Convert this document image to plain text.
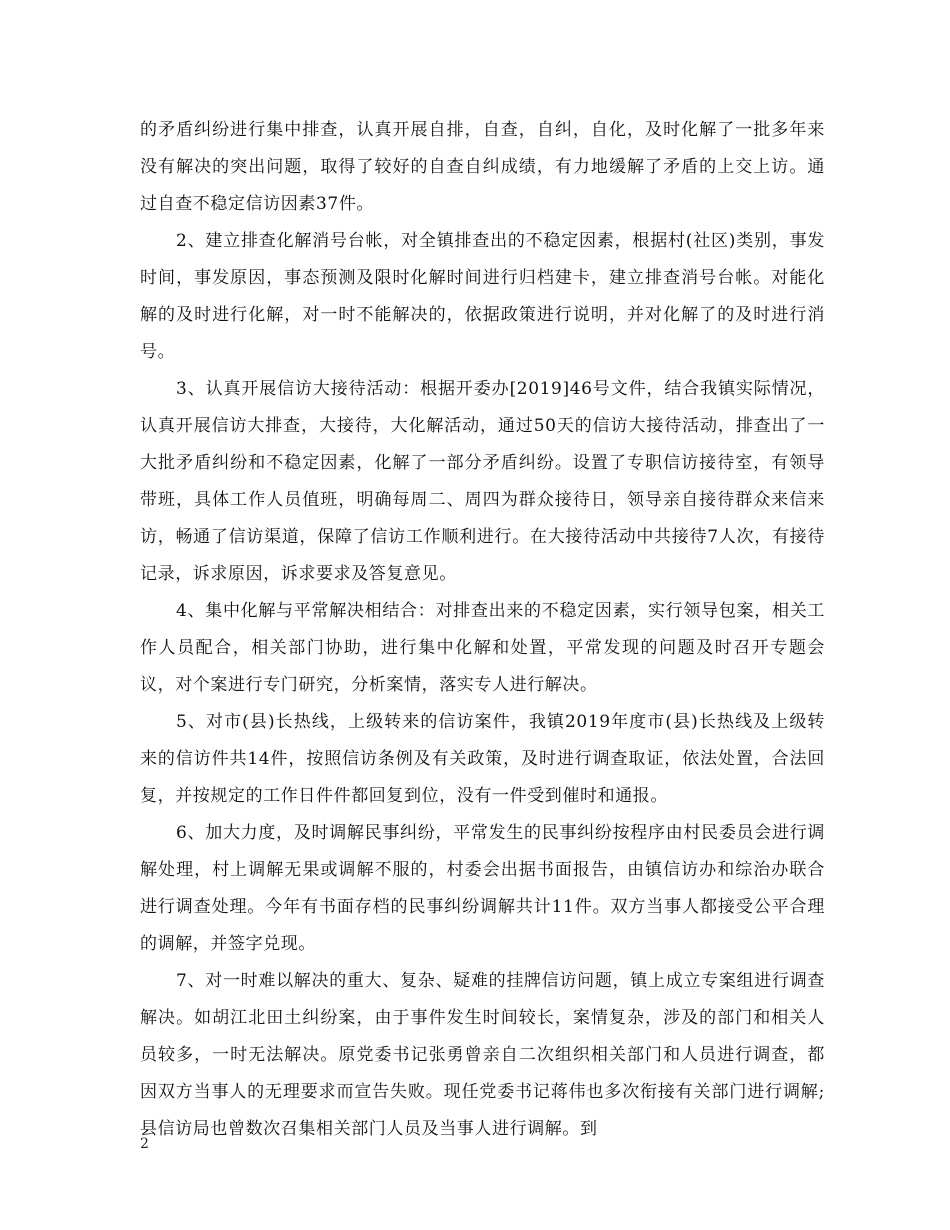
的矛盾纠纷进行集中排查，认真开展自排，自查，自纠，自化，及时化解了一批多年来没有解决的突出问题，取得了较好的自查自纠成绩，有力地缓解了矛盾的上交上访。通过自查不稳定信访因素37件。

2、建立排查化解消号台帐，对全镇排查出的不稳定因素，根据村(社区)类别，事发时间，事发原因，事态预测及限时化解时间进行归档建卡，建立排查消号台帐。对能化解的及时进行化解，对一时不能解决的，依据政策进行说明，并对化解了的及时进行消号。

3、认真开展信访大接待活动：根据开委办[2019]46号文件，结合我镇实际情况，认真开展信访大排查，大接待，大化解活动，通过50天的信访大接待活动，排查出了一大批矛盾纠纷和不稳定因素，化解了一部分矛盾纠纷。设置了专职信访接待室，有领导带班，具体工作人员值班，明确每周二、周四为群众接待日，领导亲自接待群众来信来访，畅通了信访渠道，保障了信访工作顺利进行。在大接待活动中共接待7人次，有接待记录，诉求原因，诉求要求及答复意见。

4、集中化解与平常解决相结合：对排查出来的不稳定因素，实行领导包案，相关工作人员配合，相关部门协助，进行集中化解和处置，平常发现的问题及时召开专题会议，对个案进行专门研究，分析案情，落实专人进行解决。

5、对市(县)长热线，上级转来的信访案件，我镇2019年度市(县)长热线及上级转来的信访件共14件，按照信访条例及有关政策，及时进行调查取证，依法处置，合法回复，并按规定的工作日件件都回复到位，没有一件受到催时和通报。

6、加大力度，及时调解民事纠纷，平常发生的民事纠纷按程序由村民委员会进行调解处理，村上调解无果或调解不服的，村委会出据书面报告，由镇信访办和综治办联合进行调查处理。今年有书面存档的民事纠纷调解共计11件。双方当事人都接受公平合理的调解，并签字兑现。

7、对一时难以解决的重大、复杂、疑难的挂牌信访问题，镇上成立专案组进行调查解决。如胡江北田土纠纷案，由于事件发生时间较长，案情复杂，涉及的部门和相关人员较多，一时无法解决。原党委书记张勇曾亲自二次组织相关部门和人员进行调查，都因双方当事人的无理要求而宣告失败。现任党委书记蒋伟也多次衔接有关部门进行调解;县信访局也曾数次召集相关部门人员及当事人进行调解。到

2
